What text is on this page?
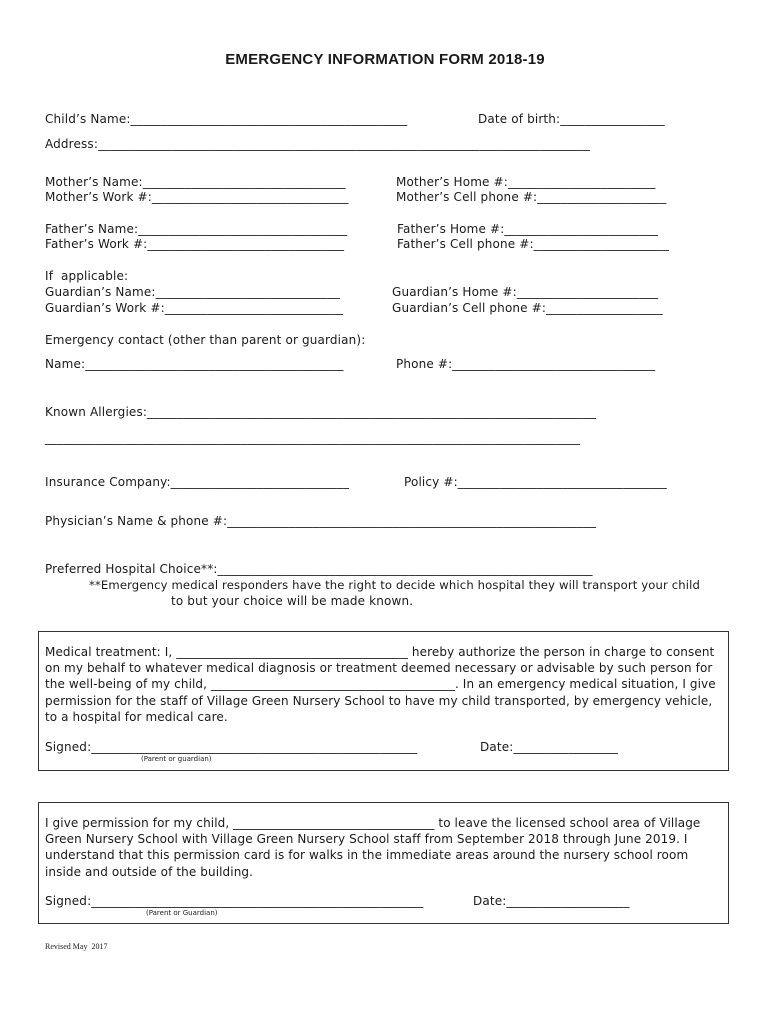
EMERGENCY INFORMATION FORM 2018-19
Child’s Name:_____________________________________________	Date of birth:_________________
Address:________________________________________________________________________________
Mother’s Name:_________________________________	Mother’s Home #:________________________
Mother’s Work #:________________________________	Mother’s Cell phone #:_____________________
Father’s Name:__________________________________	Father’s Home #:_________________________
Father’s Work #:________________________________	Father’s Cell phone #:______________________
If  applicable:
Guardian’s Name:______________________________	Guardian’s Home #:_______________________
Guardian’s Work #:_____________________________	Guardian’s Cell phone #:___________________
Emergency contact (other than parent or guardian):
Name:__________________________________________	Phone #:_________________________________
Known Allergies:_________________________________________________________________________
_______________________________________________________________________________________
Insurance Company:_____________________________	Policy #:__________________________________
Physician’s Name & phone #:____________________________________________________________
Preferred Hospital Choice**:_____________________________________________________________
**Emergency medical responders have the right to decide which hospital they will transport your child
to but your choice will be made known.
Medical treatment: I, ______________________________________ hereby authorize the person in charge to consent on my behalf to whatever medical diagnosis or treatment deemed necessary or advisable by such person for the well-being of my child, ________________________________________. In an emergency medical situation, I give permission for the staff of Village Green Nursery School to have my child transported, by emergency vehicle, to a hospital for medical care.
Signed:_____________________________________________________	Date:_________________
(Parent or guardian)
I give permission for my child, _________________________________ to leave the licensed school area of Village Green Nursery School with Village Green Nursery School staff from September 2018 through June 2019. I understand that this permission card is for walks in the immediate areas around the nursery school room inside and outside of the building.
Signed:______________________________________________________	Date:____________________
(Parent or Guardian)
Revised May  2017
